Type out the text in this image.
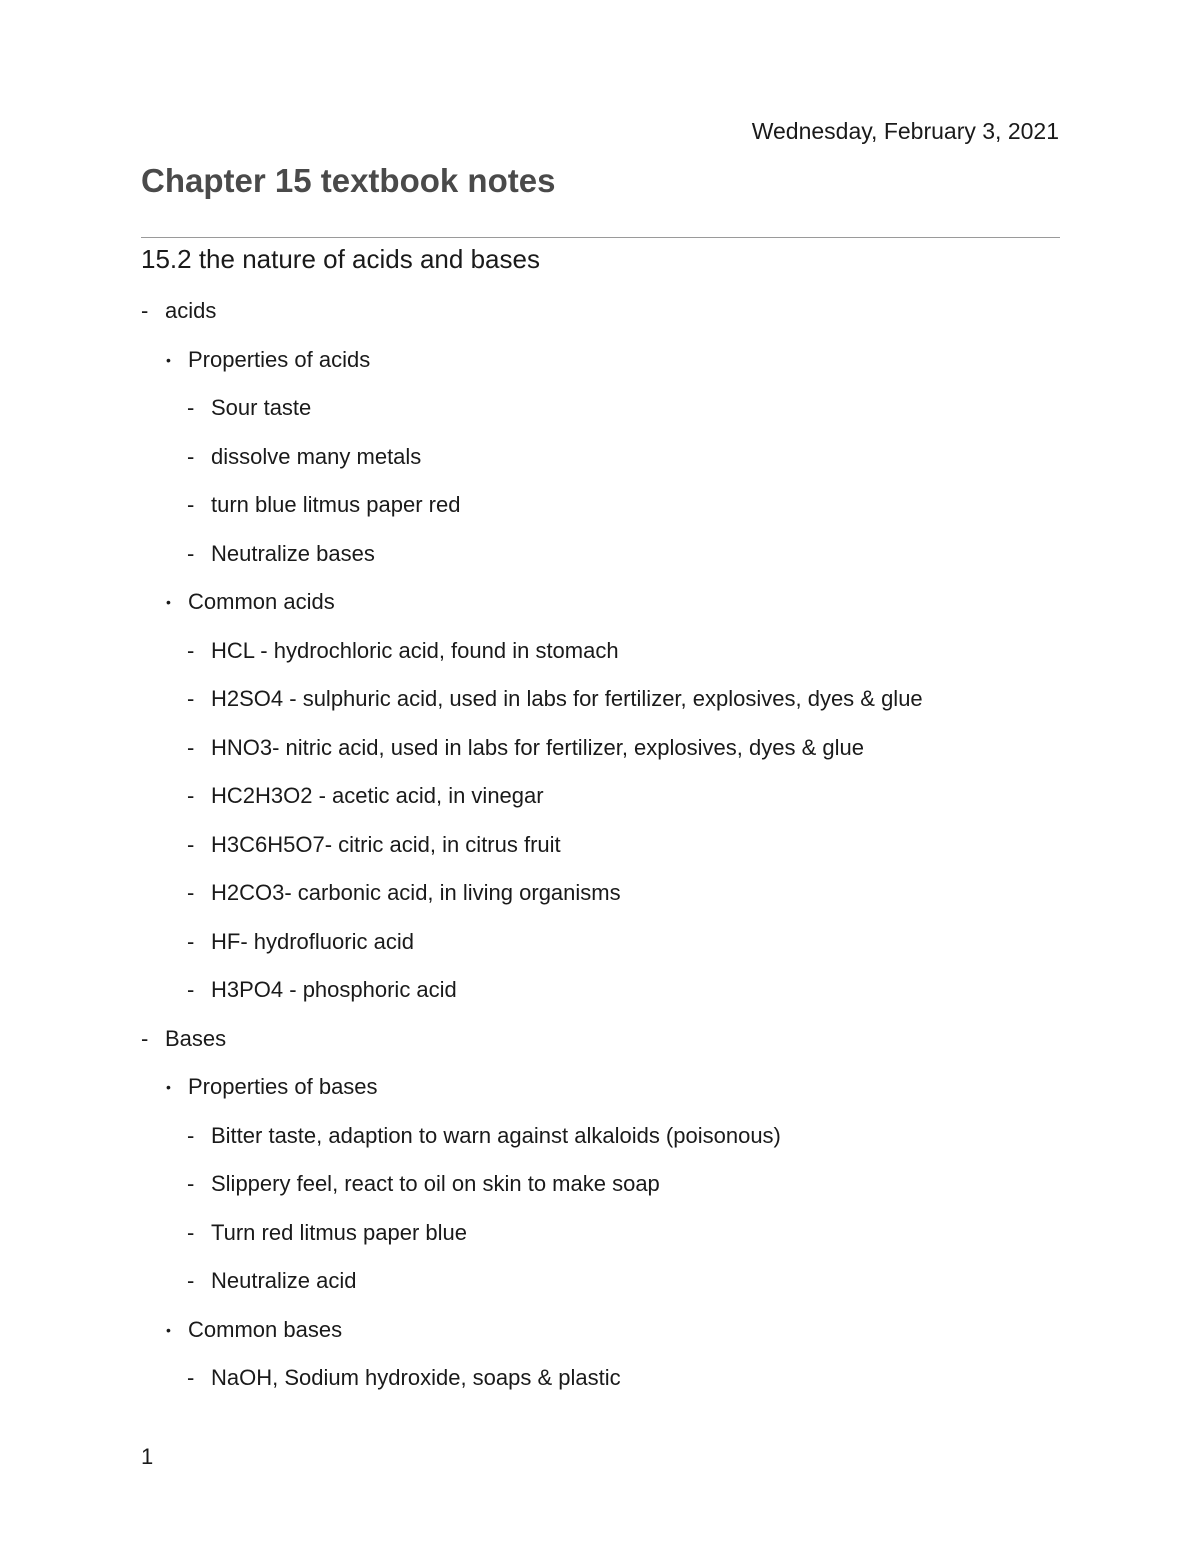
Wednesday, February 3, 2021
Chapter 15 textbook notes
15.2 the nature of acids and bases
-acids
•Properties of acids
-Sour taste
-dissolve many metals
-turn blue litmus paper red
-Neutralize bases
•Common acids
-HCL - hydrochloric acid, found in stomach
-H2SO4 - sulphuric acid, used in labs for fertilizer, explosives, dyes & glue
-HNO3- nitric acid, used in labs for fertilizer, explosives, dyes & glue
-HC2H3O2 - acetic acid, in vinegar
-H3C6H5O7- citric acid, in citrus fruit
-H2CO3- carbonic acid, in living organisms
-HF- hydrofluoric acid
-H3PO4 - phosphoric acid
-Bases
•Properties of bases
-Bitter taste, adaption to warn against alkaloids (poisonous)
-Slippery feel, react to oil on skin to make soap
-Turn red litmus paper blue
-Neutralize acid
•Common bases
-NaOH, Sodium hydroxide, soaps & plastic
1
